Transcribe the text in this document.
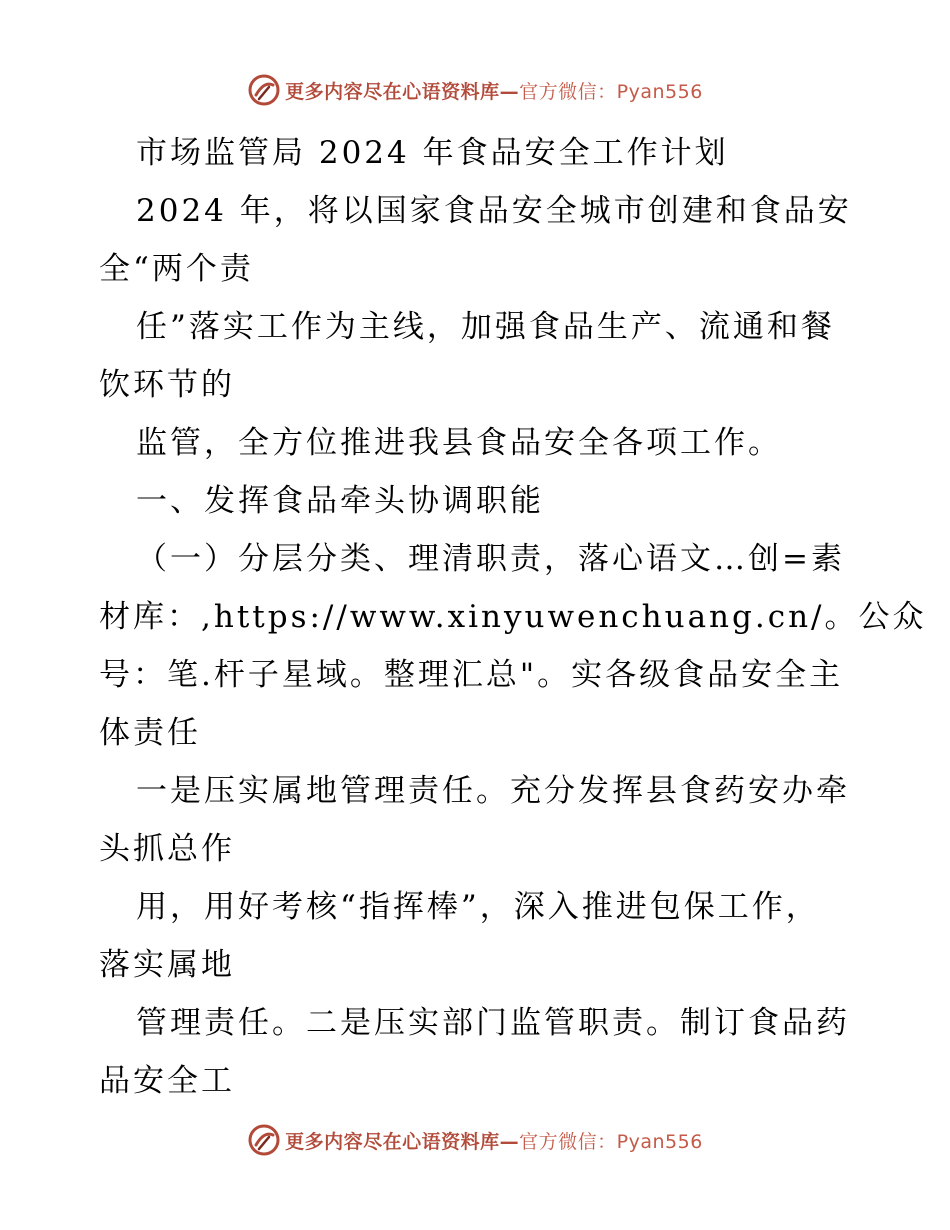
更多内容尽在心语资料库—官方微信：Pyan556
市场监管局 2024 年食品安全工作计划
2024 年，将以国家食品安全城市创建和食品安
全“两个责
任”落实工作为主线，加强食品生产、流通和餐
饮环节的
监管，全方位推进我县食品安全各项工作。
一、发挥食品牵头协调职能
（一）分层分类、理清职责，落心语文…创=素
材库：,https://www.xinyuwenchuang.cn/。公众
号：笔.杆子星域。整理汇总"。实各级食品安全主
体责任
一是压实属地管理责任。充分发挥县食药安办牵
头抓总作
用，用好考核“指挥棒”，深入推进包保工作，
落实属地
管理责任。二是压实部门监管职责。制订食品药
品安全工
更多内容尽在心语资料库—官方微信：Pyan556
